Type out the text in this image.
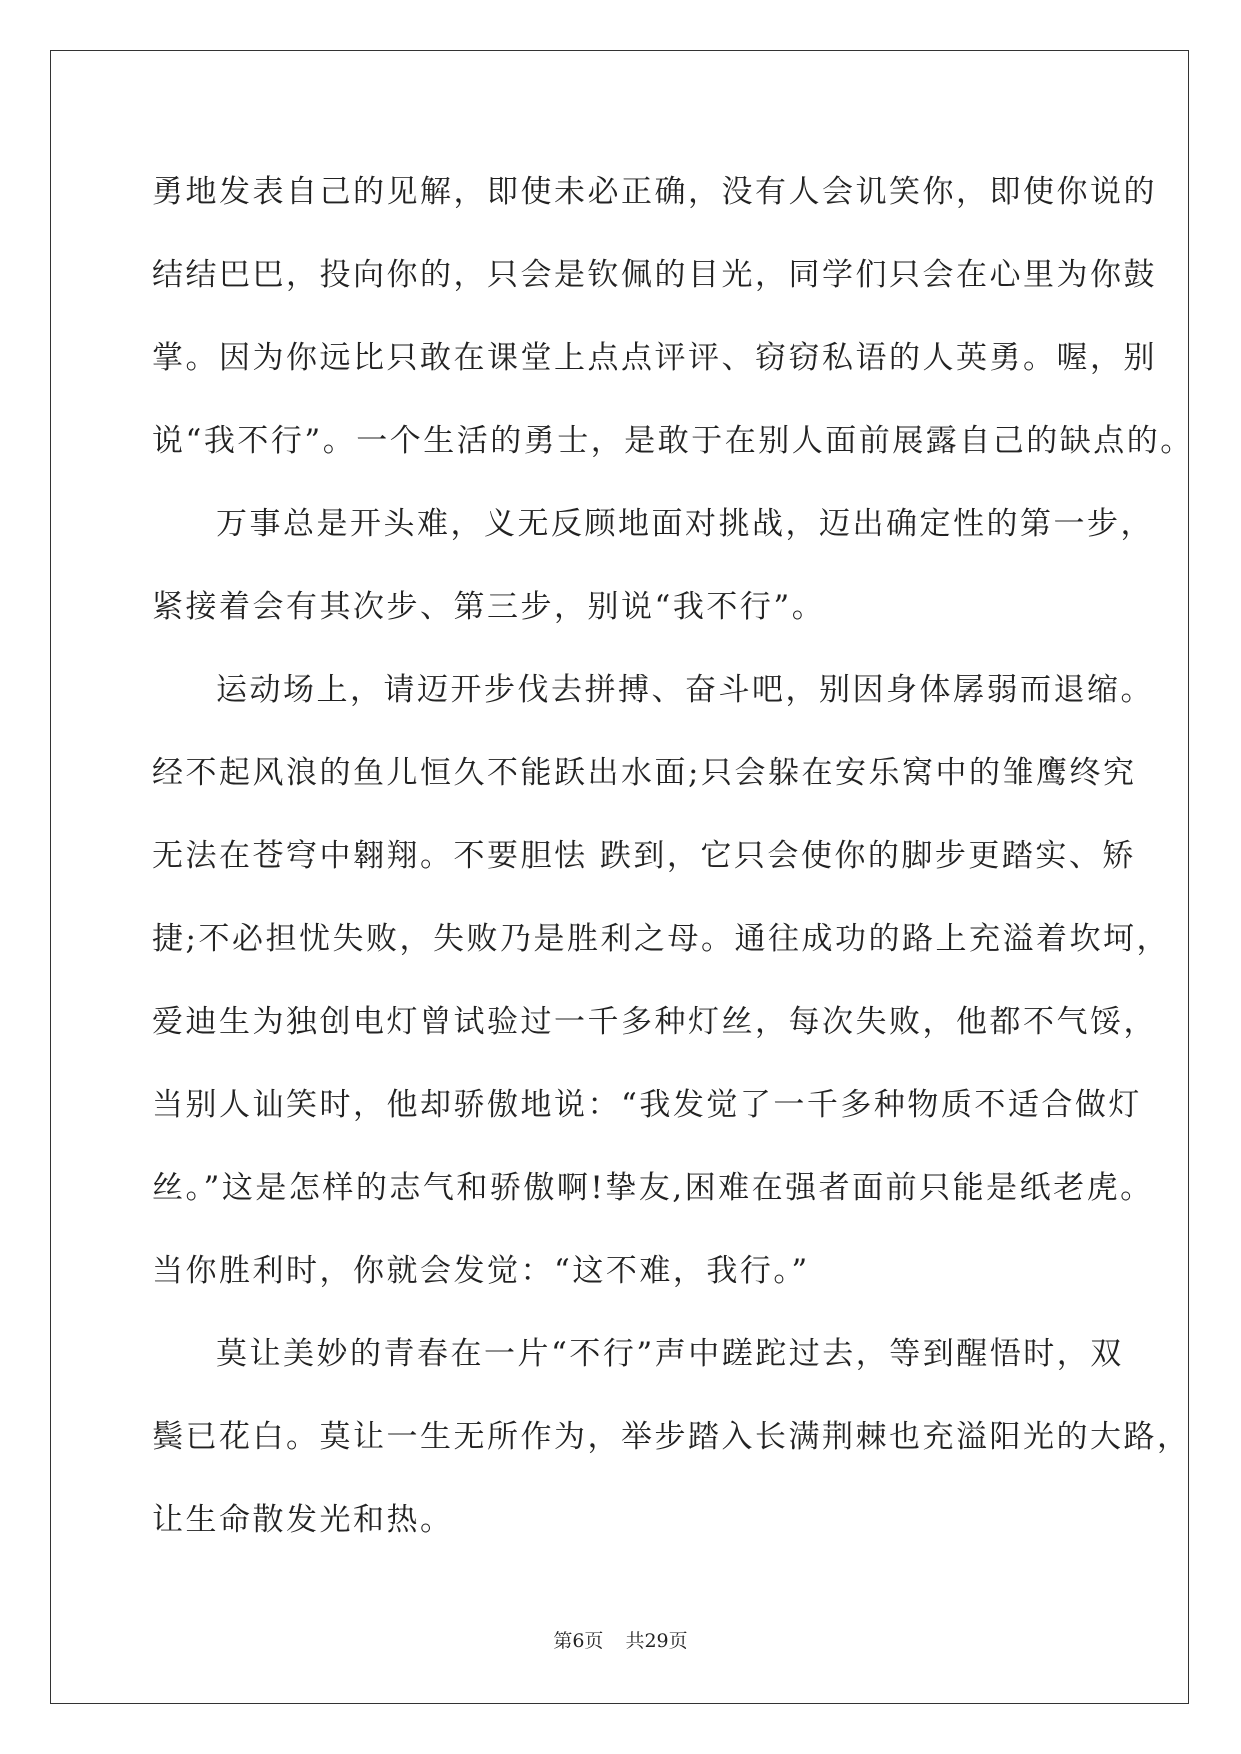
勇地发表自己的见解，即使未必正确，没有人会讥笑你，即使你说的
结结巴巴，投向你的，只会是钦佩的目光，同学们只会在心里为你鼓
掌。因为你远比只敢在课堂上点点评评、窃窃私语的人英勇。喔，别
说“我不行”。一个生活的勇士，是敢于在别人面前展露自己的缺点的。
万事总是开头难，义无反顾地面对挑战，迈出确定性的第一步，
紧接着会有其次步、第三步，别说“我不行”。
运动场上，请迈开步伐去拼搏、奋斗吧，别因身体孱弱而退缩。
经不起风浪的鱼儿恒久不能跃出水面;只会躲在安乐窝中的雏鹰终究
无法在苍穹中翱翔。不要胆怯 跌到，它只会使你的脚步更踏实、矫
捷;不必担忧失败，失败乃是胜利之母。通往成功的路上充溢着坎坷，
爱迪生为独创电灯曾试验过一千多种灯丝，每次失败，他都不气馁，
当别人讪笑时，他却骄傲地说：“我发觉了一千多种物质不适合做灯
丝。”这是怎样的志气和骄傲啊!挚友,困难在强者面前只能是纸老虎。
当你胜利时，你就会发觉：“这不难，我行。”
莫让美妙的青春在一片“不行”声中蹉跎过去，等到醒悟时，双
鬓已花白。莫让一生无所作为，举步踏入长满荆棘也充溢阳光的大路，
让生命散发光和热。
第6页 共29页
